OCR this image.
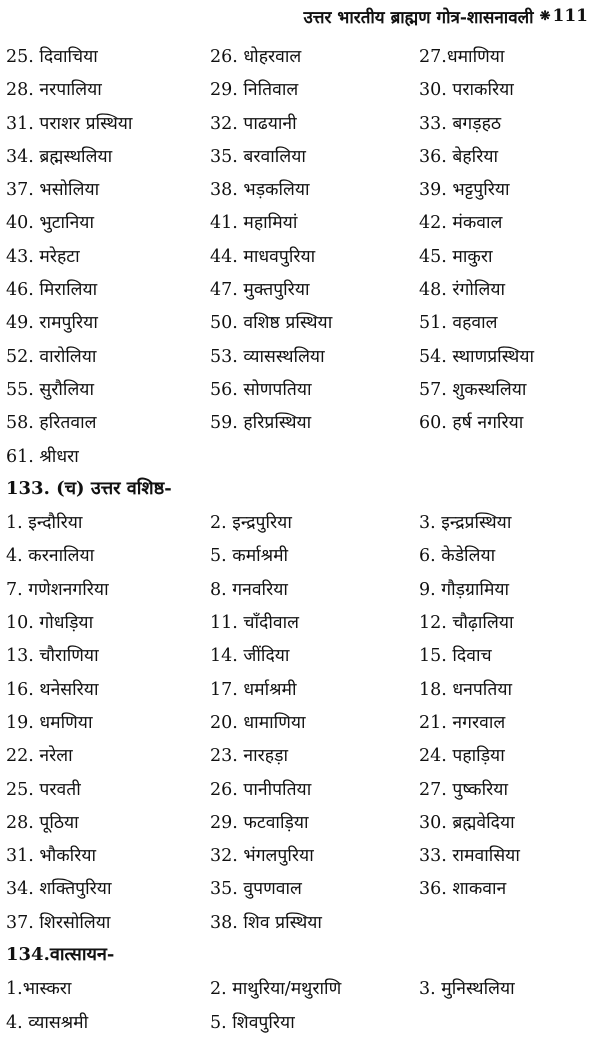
उत्तर भारतीय ब्राह्मण गोत्र-शासनावली ❋ 111
25. दिवाचिया	26. धोहरवाल	27.धमाणिया
28. नरपालिया	29. नितिवाल	30. पराकरिया
31. पराशर प्रस्थिया	32. पाढयानी	33. बगड़हठ
34. ब्रह्मस्थलिया	35. बरवालिया	36. बेहरिया
37. भसोलिया	38. भड़कलिया	39. भट्टपुरिया
40. भुटानिया	41. महामियां	42. मंकवाल
43. मरेहटा	44. माधवपुरिया	45. माकुरा
46. मिरालिया	47. मुक्तपुरिया	48. रंगोलिया
49. रामपुरिया	50. वशिष्ठ प्रस्थिया	51. वहवाल
52. वारोलिया	53. व्यासस्थलिया	54. स्थाणप्रस्थिया
55. सुरौलिया	56. सोणपतिया	57. शुकस्थलिया
58. हरितवाल	59. हरिप्रस्थिया	60. हर्ष नगरिया
61. श्रीधरा
133. (च) उत्तर वशिष्ठ-
1. इन्दौरिया	2. इन्द्रपुरिया	3. इन्द्रप्रस्थिया
4. करनालिया	5. कर्माश्रमी	6. केडेलिया
7. गणेशनगरिया	8. गनवरिया	9. गौड़ग्रामिया
10. गोधड़िया	11. चाँदीवाल	12. चौढ़ालिया
13. चौराणिया	14. जींदिया	15. दिवाच
16. थनेसरिया	17. धर्माश्रमी	18. धनपतिया
19. धमणिया	20. धामाणिया	21. नगरवाल
22. नरेला	23. नारहड़ा	24. पहाड़िया
25. परवती	26. पानीपतिया	27. पुष्करिया
28. पूठिया	29. फटवाड़िया	30. ब्रह्मवेदिया
31. भौकरिया	32. भंगलपुरिया	33. रामवासिया
34. शक्तिपुरिया	35. वुपणवाल	36. शाकवान
37. शिरसोलिया	38. शिव प्रस्थिया
134.वात्सायन-
1.भास्करा	2. माथुरिया/मथुराणि	3. मुनिस्थलिया
4. व्यासश्रमी	5. शिवपुरिया
